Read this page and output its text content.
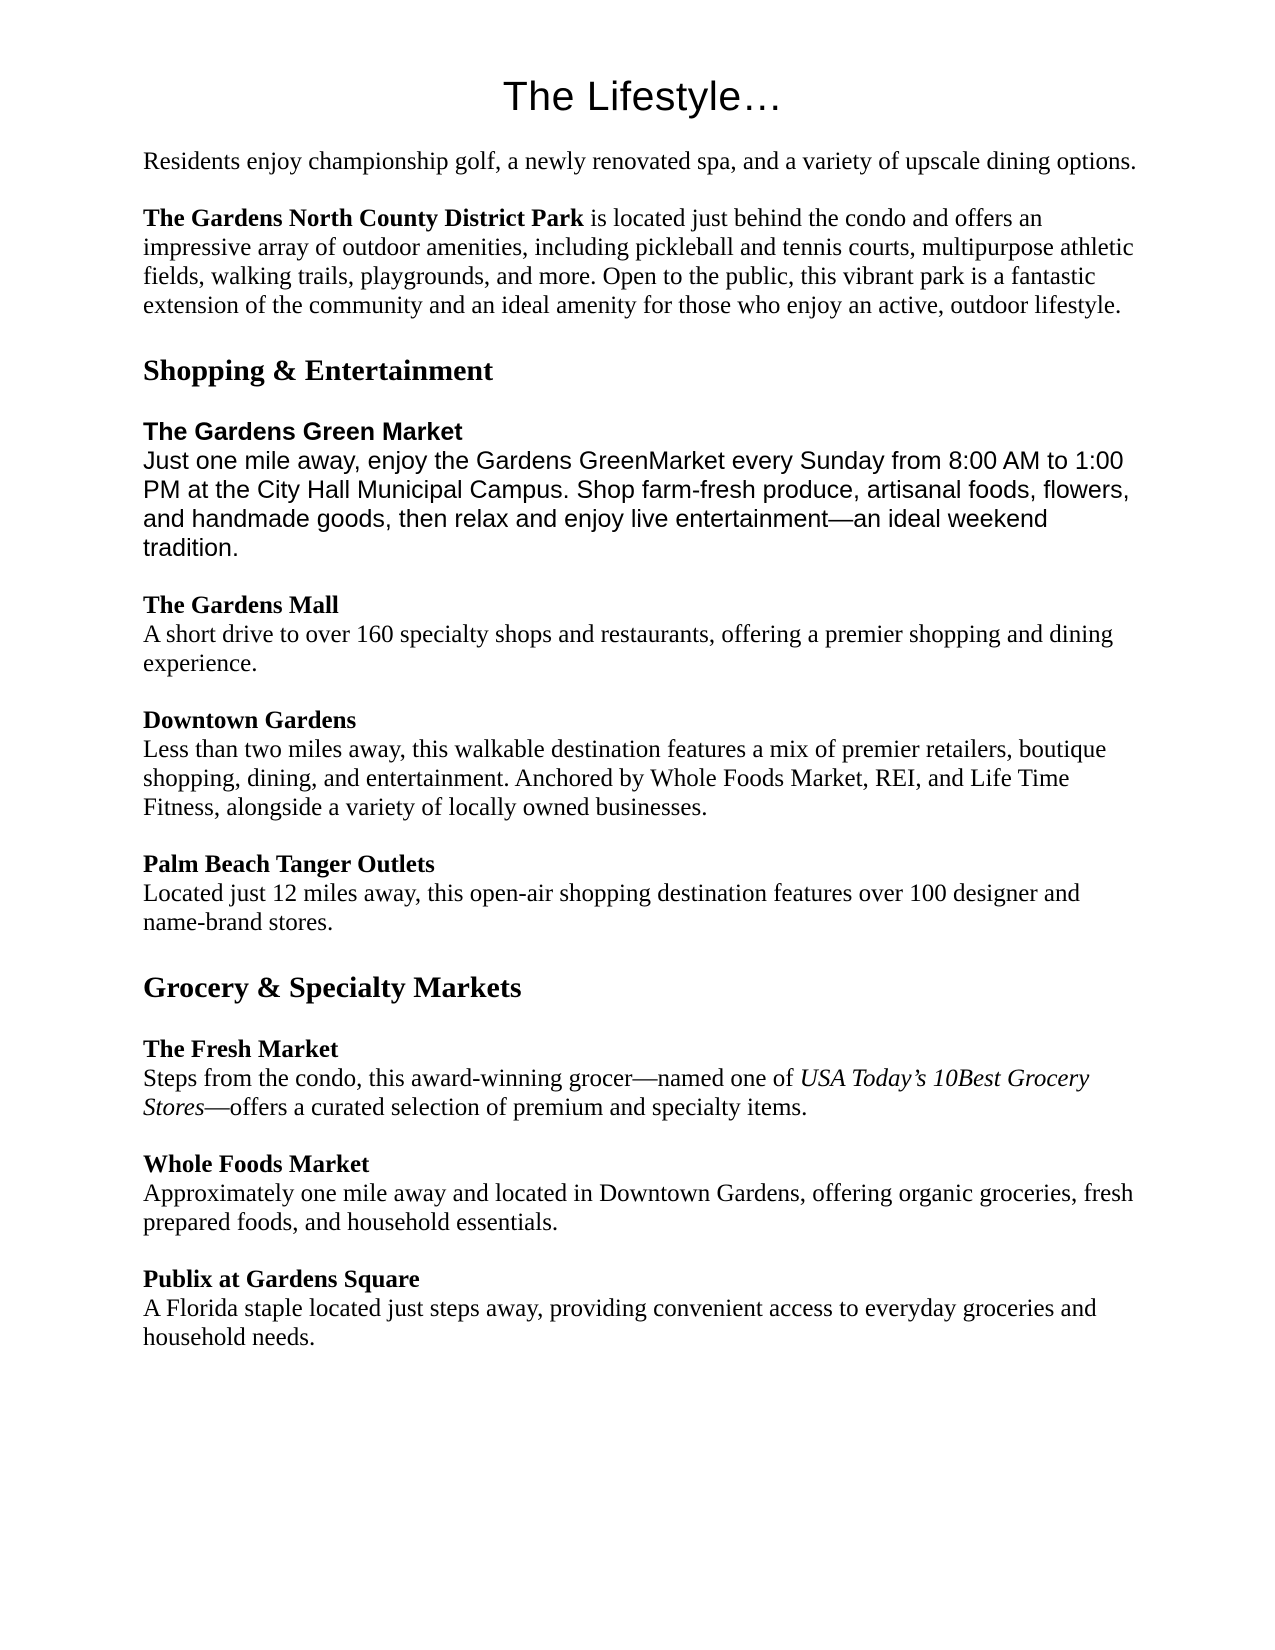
The Lifestyle…

Residents enjoy championship golf, a newly renovated spa, and a variety of upscale dining options.

The Gardens North County District Park is located just behind the condo and offers an impressive array of outdoor amenities, including pickleball and tennis courts, multipurpose athletic fields, walking trails, playgrounds, and more. Open to the public, this vibrant park is a fantastic extension of the community and an ideal amenity for those who enjoy an active, outdoor lifestyle.

Shopping & Entertainment
The Gardens Green Market

Just one mile away, enjoy the Gardens GreenMarket every Sunday from 8:00 AM to 1:00 PM at the City Hall Municipal Campus. Shop farm-fresh produce, artisanal foods, flowers, and handmade goods, then relax and enjoy live entertainment—an ideal weekend tradition.

The Gardens Mall

A short drive to over 160 specialty shops and restaurants, offering a premier shopping and dining experience.

Downtown Gardens

Less than two miles away, this walkable destination features a mix of premier retailers, boutique shopping, dining, and entertainment. Anchored by Whole Foods Market, REI, and Life Time Fitness, alongside a variety of locally owned businesses.

Palm Beach Tanger Outlets

Located just 12 miles away, this open-air shopping destination features over 100 designer and name-brand stores.

Grocery & Specialty Markets
The Fresh Market

Steps from the condo, this award-winning grocer—named one of USA Today’s 10Best Grocery Stores—offers a curated selection of premium and specialty items.

Whole Foods Market

Approximately one mile away and located in Downtown Gardens, offering organic groceries, fresh prepared foods, and household essentials.

Publix at Gardens Square

A Florida staple located just steps away, providing convenient access to everyday groceries and household needs.
